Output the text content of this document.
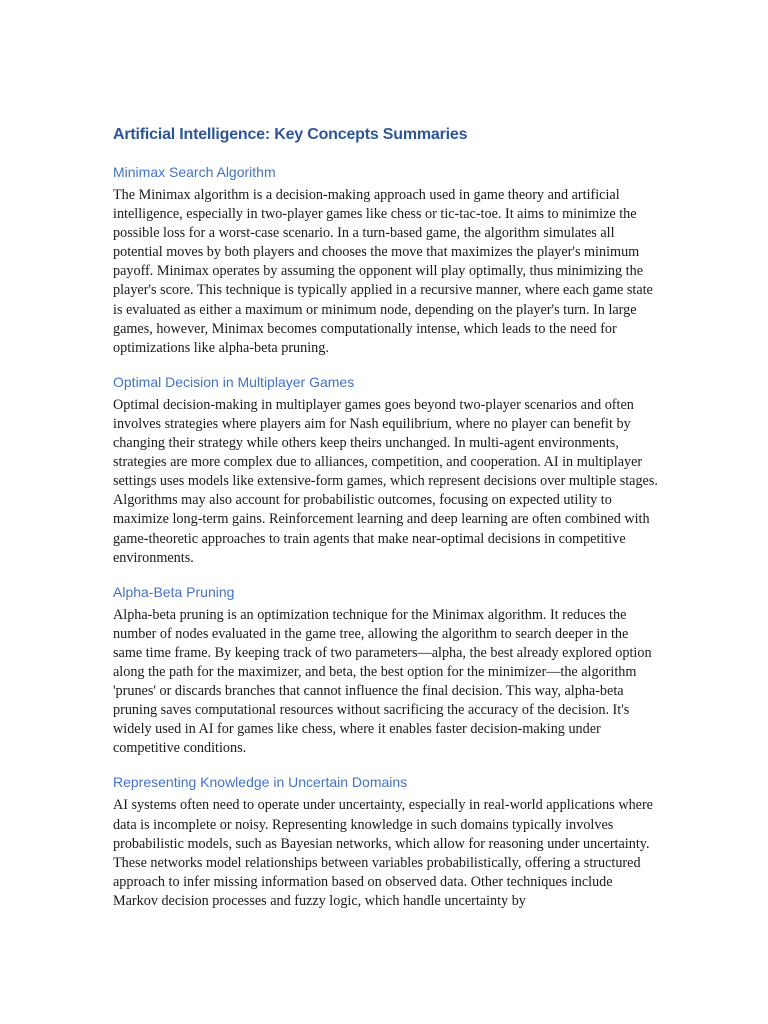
Artificial Intelligence: Key Concepts Summaries
Minimax Search Algorithm

The Minimax algorithm is a decision-making approach used in game theory and artificial intelligence, especially in two-player games like chess or tic-tac-toe. It aims to minimize the possible loss for a worst-case scenario. In a turn-based game, the algorithm simulates all potential moves by both players and chooses the move that maximizes the player's minimum payoff. Minimax operates by assuming the opponent will play optimally, thus minimizing the player's score. This technique is typically applied in a recursive manner, where each game state is evaluated as either a maximum or minimum node, depending on the player's turn. In large games, however, Minimax becomes computationally intense, which leads to the need for optimizations like alpha-beta pruning.

Optimal Decision in Multiplayer Games

Optimal decision-making in multiplayer games goes beyond two-player scenarios and often involves strategies where players aim for Nash equilibrium, where no player can benefit by changing their strategy while others keep theirs unchanged. In multi-agent environments, strategies are more complex due to alliances, competition, and cooperation. AI in multiplayer settings uses models like extensive-form games, which represent decisions over multiple stages. Algorithms may also account for probabilistic outcomes, focusing on expected utility to maximize long-term gains. Reinforcement learning and deep learning are often combined with game-theoretic approaches to train agents that make near-optimal decisions in competitive environments.

Alpha-Beta Pruning

Alpha-beta pruning is an optimization technique for the Minimax algorithm. It reduces the number of nodes evaluated in the game tree, allowing the algorithm to search deeper in the same time frame. By keeping track of two parameters—alpha, the best already explored option along the path for the maximizer, and beta, the best option for the minimizer—the algorithm 'prunes' or discards branches that cannot influence the final decision. This way, alpha-beta pruning saves computational resources without sacrificing the accuracy of the decision. It's widely used in AI for games like chess, where it enables faster decision-making under competitive conditions.

Representing Knowledge in Uncertain Domains

AI systems often need to operate under uncertainty, especially in real-world applications where data is incomplete or noisy. Representing knowledge in such domains typically involves probabilistic models, such as Bayesian networks, which allow for reasoning under uncertainty. These networks model relationships between variables probabilistically, offering a structured approach to infer missing information based on observed data. Other techniques include Markov decision processes and fuzzy logic, which handle uncertainty by
